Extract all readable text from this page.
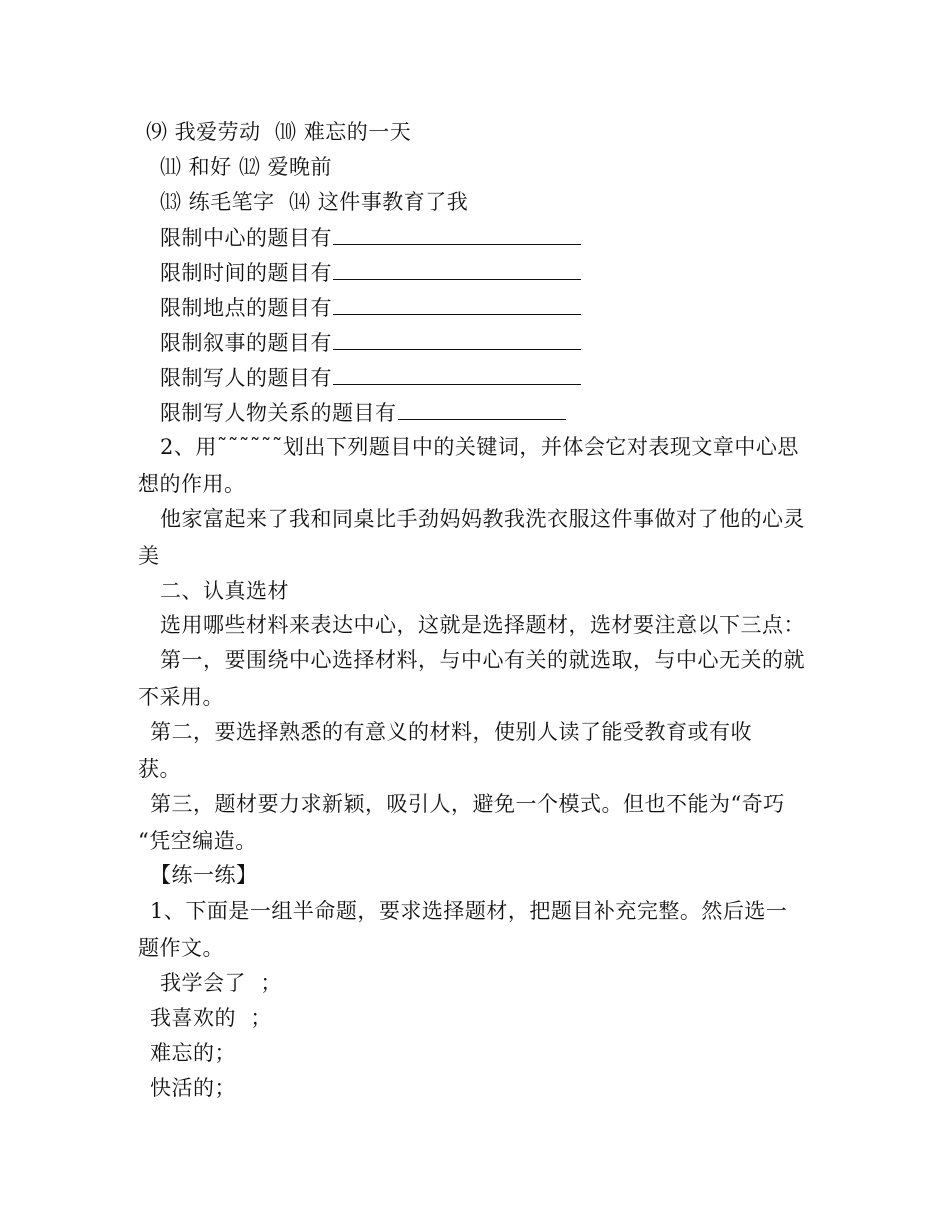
⑼ 我爱劳动  ⑽ 难忘的一天
⑾ 和好 ⑿ 爱晚前
⒀ 练毛笔字  ⒁ 这件事教育了我
限制中心的题目有
限制时间的题目有
限制地点的题目有
限制叙事的题目有
限制写人的题目有
限制写人物关系的题目有
2、用˜˜˜˜˜˜划出下列题目中的关键词，并体会它对表现文章中心思
想的作用。
他家富起来了我和同桌比手劲妈妈教我洗衣服这件事做对了他的心灵
美
二、认真选材
选用哪些材料来表达中心，这就是选择题材，选材要注意以下三点：
第一，要围绕中心选择材料，与中心有关的就选取，与中心无关的就
不采用。
第二，要选择熟悉的有意义的材料，使别人读了能受教育或有收
获。
第三，题材要力求新颖，吸引人，避免一个模式。但也不能为“奇巧
“凭空编造。
【练一练】
1、下面是一组半命题，要求选择题材，把题目补充完整。然后选一
题作文。
我学会了  ；
我喜欢的  ；
难忘的；
快活的；
